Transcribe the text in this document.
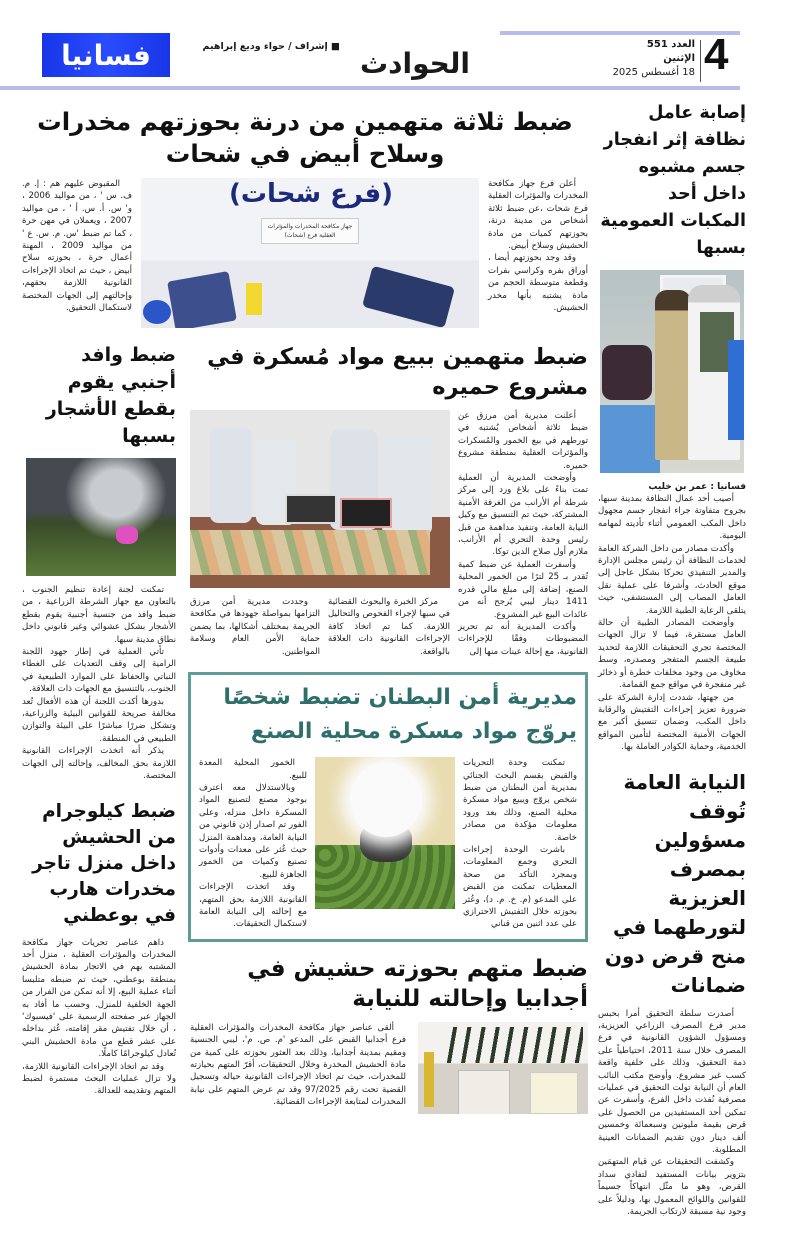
4
العدد 551
الإثنين
18 أغسطس 2025
الحوادث
■ إشراف / حواء وديع إبراهيم
فسانيا
إصابة عامل نظافة إثر انفجار جسم مشبوه داخل أحد المكبات العمومية بسبها
فسانيا : عمر بن خليب

أصيب أحد عمال النظافة بمدينة سبها، بجروح متفاوتة جراء انفجار جسم مجهول داخل المكب العمومي أثناء تأديته لمهامه اليومية.

وأكدت مصادر من داخل الشركة العامة لخدمات النظافة أن رئيس مجلس الإدارة والمدير التنفيذي تحركا بشكل عاجل إلى موقع الحادث، وأشرفا على عملية نقل العامل المصاب إلى المستشفى، حيث يتلقى الرعاية الطبية اللازمة.

وأوضحت المصادر الطبية أن حالة العامل مستقرة، فيما لا تزال الجهات المختصة تجري التحقيقات اللازمة لتحديد طبيعة الجسم المتفجر ومصدره، وسط مخاوف من وجود مخلفات خطرة أو ذخائر غير منفجرة في مواقع جمع القمامة.

من جهتها، شددت إدارة الشركة على ضرورة تعزيز إجراءات التفتيش والرقابة داخل المكب، وضمان تنسيق أكبر مع الجهات الأمنية المختصة لتأمين المواقع الخدمية، وحماية الكوادر العاملة بها.

النيابة العامة تُوقف مسؤولين بمصرف العزيزية لتورطهما في منح قرض دون ضمانات

أصدرت سلطة التحقيق أمرا بحبس مدير فرع المصرف الزراعي العزيزية، ومسؤول الشؤون القانونية في فرع المصرف خلال سنة 2011، احتياطياً على ذمة التحقيق، وذلك على خلفية واقعة كسب غير مشروع. وأوضح مكتب النائب العام أن النيابة تولت التحقيق في عمليات مصرفية نُفذت داخل الفرع، وأسفرت عن تمكين أحد المستفيدين من الحصول على قرض بقيمة مليونين وسبعمائة وخمسين ألف دينار دون تقديم الضمانات العينية المطلوبة.

وكشفت التحقيقات عن قيام المتهمَين بتزوير بيانات المستفيد لتفادي سداد القرض، وهو ما مثّل انتهاكاً جسيماً للقوانين واللوائح المعمول بها، ودليلاً على وجود نية مسبقة لارتكاب الجريمة.

ضبط ثلاثة متهمين من درنة بحوزتهم مخدرات وسلاح أبيض في شحات

أعلن فرع جهاز مكافحة المخدرات والمؤثرات العقلية فرع شحات ،عن ضبط ثلاثة أشخاص من مدينة درنة، بحوزتهم كميات من مادة الحشيش وسلاح أبيض.

وقد وجد بحوزتهم أيضا ، أوراق بفره وكراسي بفرات وقطعة متوسطة الحجم من مادة يشتبه بأنها مخدر الحشيش.

(فرع شحات)
جهاز مكافحة المخدرات والمؤثرات العقلية فرع (شحات)

المقبوض عليهم هم : إ. م. ف. س ' ، من مواليد 2006 ، و' س. أ. س. أ ' ، من مواليد 2007 ، ويعملان في مهن حرة ، كما تم ضبط 'س. م. س. ع ' من مواليد 2009 ، المهنة أعمال حرة ، بحوزته سلاح أبيض ، حيث تم اتخاذ الإجراءات القانونية اللازمة بحقهم، وإحالتهم إلى الجهات المختصة لاستكمال التحقيق.

ضبط متهمين ببيع مواد مُسكرة في مشروع حميره

أعلنت مديرية أمن مرزق عن ضبط ثلاثة أشخاص يُشتبه في تورطهم في بيع الخمور والمُسكرات والمؤثرات العقلية بمنطقة مشروع حميره.

وأوضحت المديرية أن العملية تمت بناءً على بلاغ ورد إلى مركز شرطة أم الأرانب من الغرفة الأمنية المشتركة، حيث تم التنسيق مع وكيل النيابة العامة، وتنفيذ مداهمة من قبل رئيس وحدة التحري أم الأرانب، ملازم أول صلاح الدين توكا.

وأسفرت العملية عن ضبط كمية تُقدر بـ 25 لترًا من الخمور المحلية الصنع، إضافة إلى مبلغ مالي قدره 1411 دينار ليبي يُرجح أنه من عائدات البيع غير المشروع.

وأكدت المديرية أنه تم تحريز المضبوطات وفقًا للإجراءات القانونية، مع إحالة عينات منها إلى

مركز الخبرة والبحوث القضائية في سبها لإجراء الفحوص والتحاليل اللازمة. كما تم اتخاذ كافة الإجراءات القانونية ذات العلاقة بالواقعة.

وجددت مديرية أمن مرزق التزامها بمواصلة جهودها في مكافحة الجريمة بمختلف أشكالها، بما يضمن حماية الأمن العام وسلامة المواطنين.

مديرية أمن البطنان تضبط شخصًا يروّج مواد مسكرة محلية الصنع

تمكنت وحدة التحريات والقبض بقسم البحث الجنائي بمديرية أمن البطنان من ضبط شخص يروّج ويبيع مواد مسكرة محلية الصنع، وذلك بعد ورود معلومات مؤكدة من مصادر خاصة.

باشرت الوحدة إجراءات التحري وجمع المعلومات، وبمجرد التأكد من صحة المعطيات تمكنت من القبض على المدعو (م. خ. م. د)، وعُثر بحوزته خلال التفتيش الاحترازي على عدد اثنين من قناني

الخمور المحلية المعدة للبيع.

وبالاستدلال معه اعترف بوجود مصنع لتصنيع المواد المسكرة داخل منزله، وعلى الفور تم اصدار إذن قانوني من النيابة العامة، ومداهمة المنزل حيث عُثر على معدات وأدوات تصنيع وكميات من الخمور الجاهزة للبيع.

وقد اتخذت الإجراءات القانونية اللازمة بحق المتهم، مع إحالته إلى النيابة العامة لاستكمال التحقيقات.

ضبط متهم بحوزته حشيش في أجدابيا وإحالته للنيابة

ألقى عناصر جهاز مكافحة المخدرات والمؤثرات العقلية فرع أجدابيا القبض على المدعو 'م. ص. م'، ليبي الجنسية ومقيم بمدينة أجدابيا، وذلك بعد العثور بحوزته على كمية من مادة الحشيش المخدرة وخلال التحقيقات، أقرّ المتهم بحيازته للمخدرات، حيث تم اتخاذ الإجراءات القانونية حياله وتسجيل القضية تحت رقم 97/2025 وقد تم عرض المتهم على نيابة المخدرات لمتابعة الإجراءات القضائية.

ضبط وافد أجنبي يقوم بقطع الأشجار بسبها

تمكنت لجنة إعادة تنظيم الجنوب ، بالتعاون مع جهاز الشرطة الزراعية ، من ضبط وافد من جنسية أجنبية يقوم بقطع الأشجار بشكل عشوائي وغير قانوني داخل نطاق مدينة سبها.

تأتي العملية في إطار جهود اللجنة الرامية إلى وقف التعديات على الغطاء النباتي والحفاظ على الموارد الطبيعية في الجنوب، بالتنسيق مع الجهات ذات العلاقة.

بدورها أكدت اللجنة أن هذه الأفعال تُعد مخالفة صريحة للقوانين البيئية والزراعية، وتشكل ضررًا مباشرًا على البيئة والتوازن الطبيعي في المنطقة.

يذكر أنه اتخذت الإجراءات القانونية اللازمة بحق المخالف، وإحالته إلى الجهات المختصة.

ضبط كيلوجرام من الحشيش داخل منزل تاجر مخدرات هارب في بوعطني

داهم عناصر تحريات جهاز مكافحة المخدرات والمؤثرات العقلية ، منزل أحد المشتبه بهم في الاتجار بمادة الحشيش بمنطقة بوعطني، حيث تم ضبطه متلبسا أثناء عملية البيع، إلا أنه تمكن من الفرار من الجهة الخلفية للمنزل. وحسب ما أفاد به الجهاز عبر صفحته الرسمية على 'فيسبوك' ، أن خلال تفتيش مقر إقامته، عُثر بداخله على عشر قطع من مادة الحشيش البني تُعادل كيلوجرامًا كاملًا.

وقد تم اتخاذ الإجراءات القانونية اللازمة، ولا تزال عمليات البحث مستمرة لضبط المتهم وتقديمه للعدالة.
